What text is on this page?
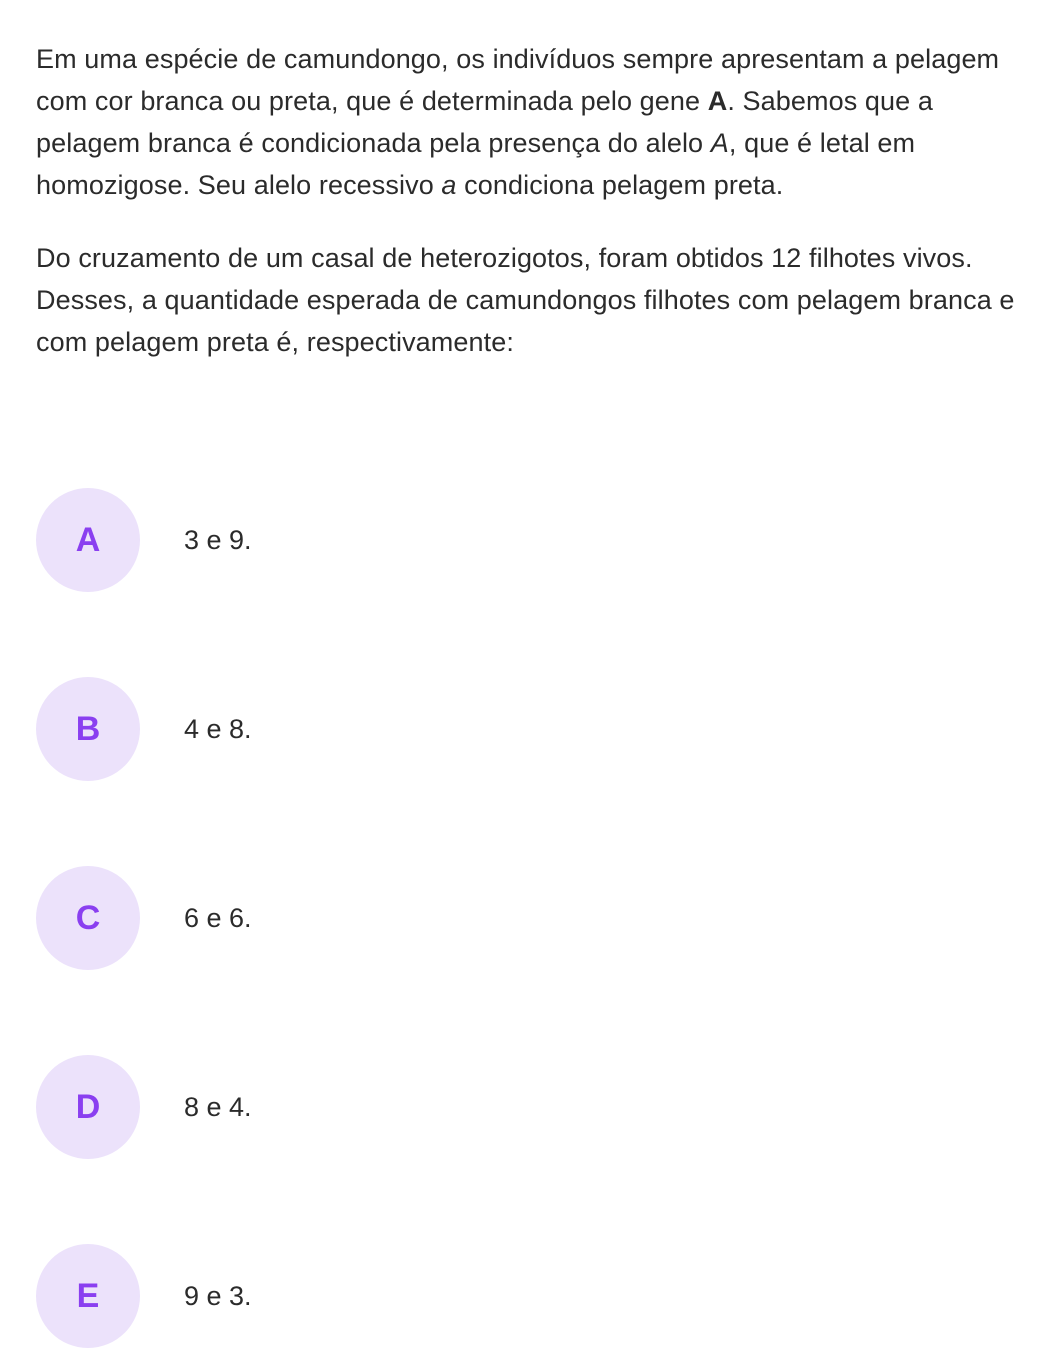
Em uma espécie de camundongo, os indivíduos sempre apresentam a pelagem com cor branca ou preta, que é determinada pelo gene A. Sabemos que a pelagem branca é condicionada pela presença do alelo A, que é letal em homozigose. Seu alelo recessivo a condiciona pelagem preta.

Do cruzamento de um casal de heterozigotos, foram obtidos 12 filhotes vivos. Desses, a quantidade esperada de camundongos filhotes com pelagem branca e com pelagem preta é, respectivamente:

A	3 e 9.
B	4 e 8.
C	6 e 6.
D	8 e 4.
E	9 e 3.
